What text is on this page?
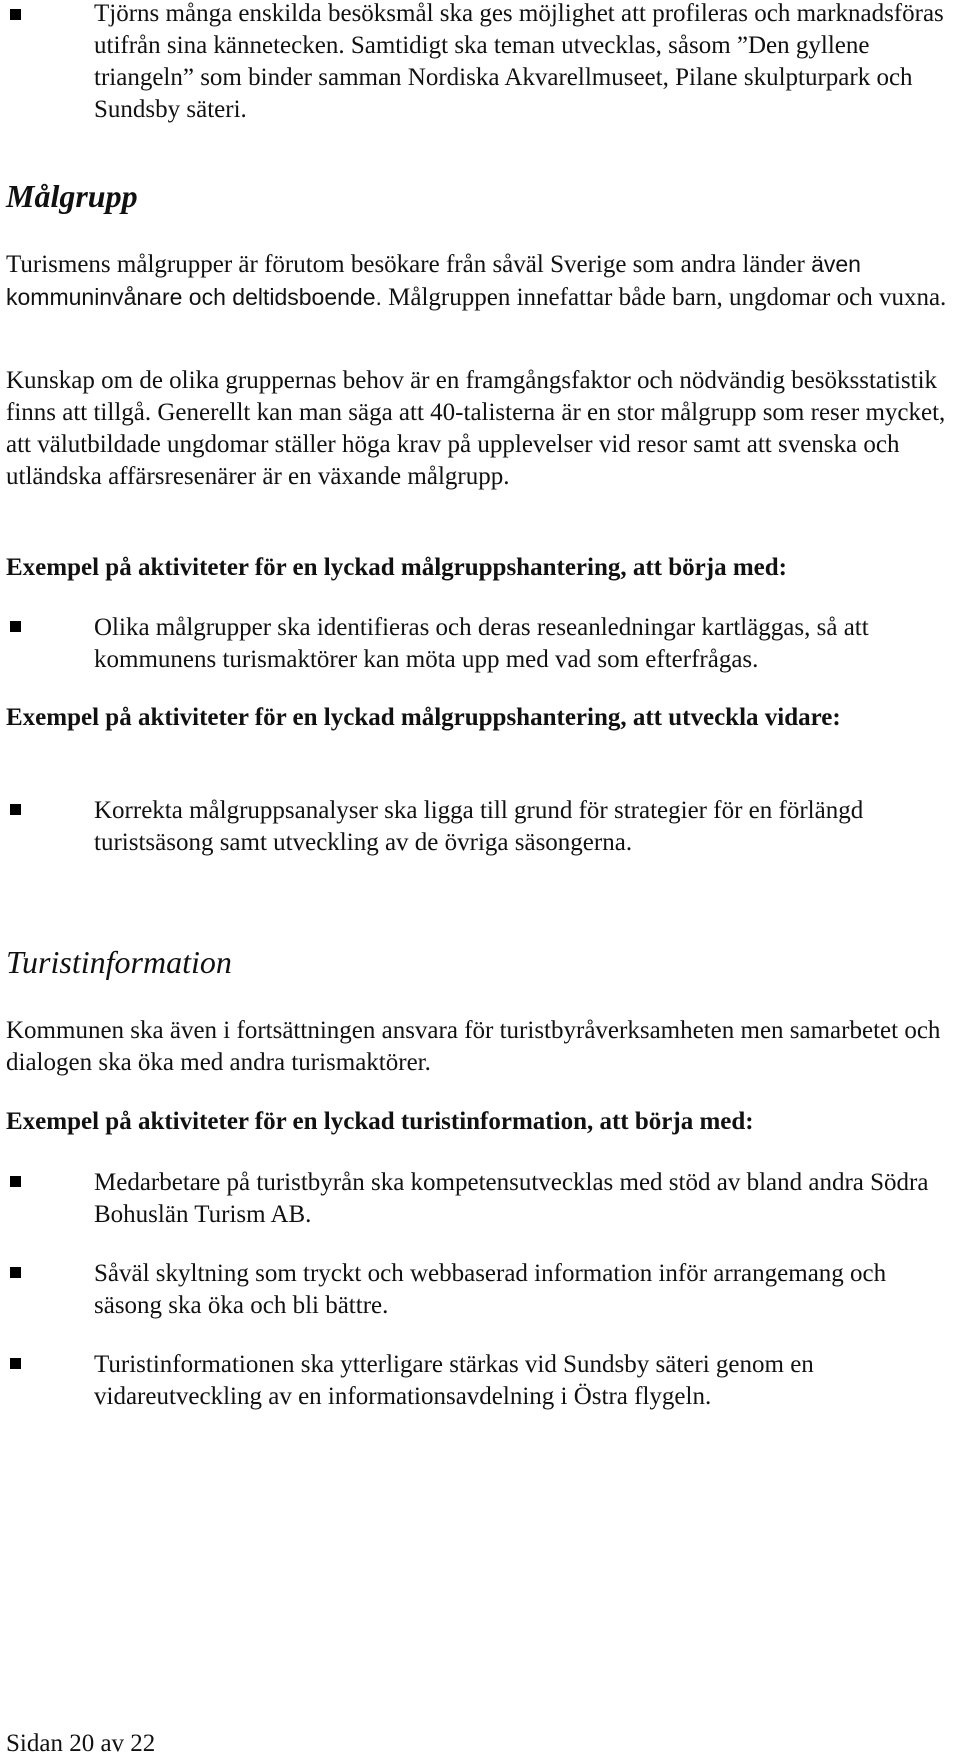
Tjörns många enskilda besöksmål ska ges möjlighet att profileras och marknadsföras utifrån sina kännetecken. Samtidigt ska teman utvecklas, såsom ”Den gyllene triangeln” som binder samman Nordiska Akvarellmuseet, Pilane skulpturpark och Sundsby säteri.

Målgrupp

Turismens målgrupper är förutom besökare från såväl Sverige som andra länder även kommuninvånare och deltidsboende. Målgruppen innefattar både barn, ungdomar och vuxna.

Kunskap om de olika gruppernas behov är en framgångsfaktor och nödvändig besöksstatistik finns att tillgå. Generellt kan man säga att 40-talisterna är en stor målgrupp som reser mycket, att välutbildade ungdomar ställer höga krav på upplevelser vid resor samt att svenska och utländska affärsresenärer är en växande målgrupp.

Exempel på aktiviteter för en lyckad målgruppshantering, att börja med:

Olika målgrupper ska identifieras och deras reseanledningar kartläggas, så att kommunens turismaktörer kan möta upp med vad som efterfrågas.

Exempel på aktiviteter för en lyckad målgruppshantering, att utveckla vidare:

Korrekta målgruppsanalyser ska ligga till grund för strategier för en förlängd turistsäsong samt utveckling av de övriga säsongerna.

Turistinformation

Kommunen ska även i fortsättningen ansvara för turistbyråverksamheten men samarbetet och dialogen ska öka med andra turismaktörer.

Exempel på aktiviteter för en lyckad turistinformation, att börja med:

Medarbetare på turistbyrån ska kompetensutvecklas med stöd av bland andra Södra Bohuslän Turism AB.

Såväl skyltning som tryckt och webbaserad information inför arrangemang och säsong ska öka och bli bättre.

Turistinformationen ska ytterligare stärkas vid Sundsby säteri genom en vidareutveckling av en informationsavdelning i Östra flygeln.

Sidan 20 av 22
